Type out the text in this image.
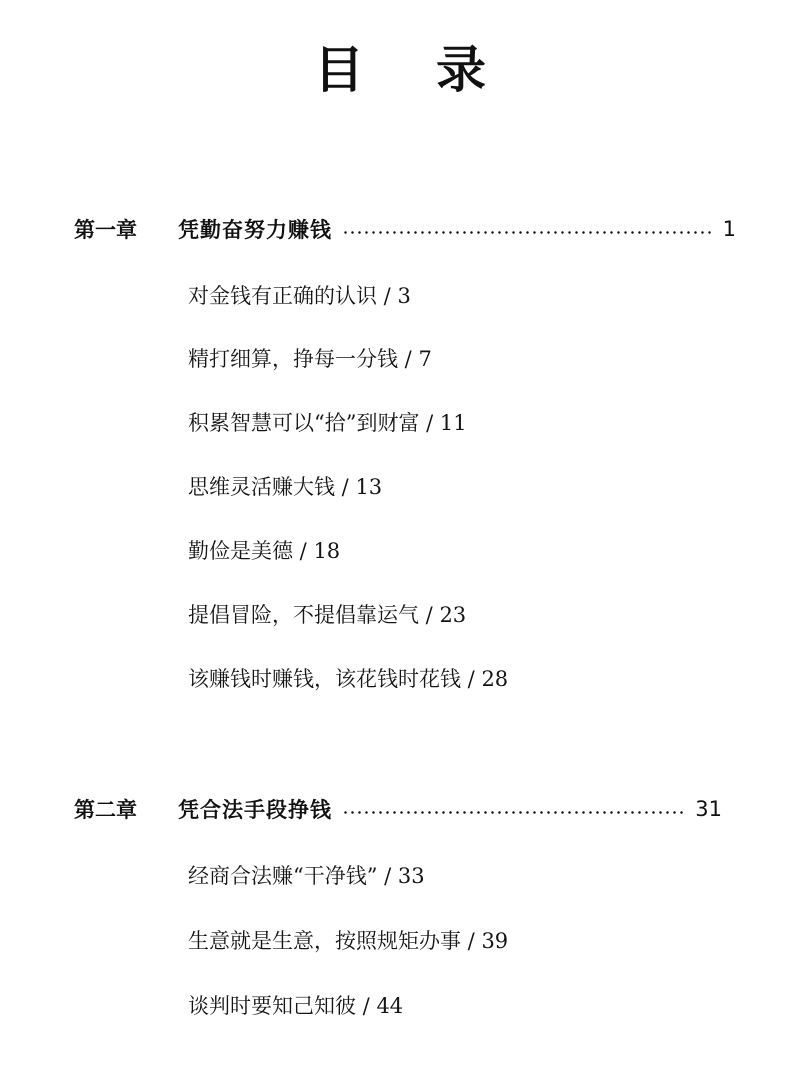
目 录
第一章	凭勤奋努力赚钱	1
对金钱有正确的认识 / 3
精打细算，挣每一分钱 / 7
积累智慧可以“拾”到财富 / 11
思维灵活赚大钱 / 13
勤俭是美德 / 18
提倡冒险，不提倡靠运气 / 23
该赚钱时赚钱，该花钱时花钱 / 28
第二章	凭合法手段挣钱	31
经商合法赚“干净钱” / 33
生意就是生意，按照规矩办事 / 39
谈判时要知己知彼 / 44
